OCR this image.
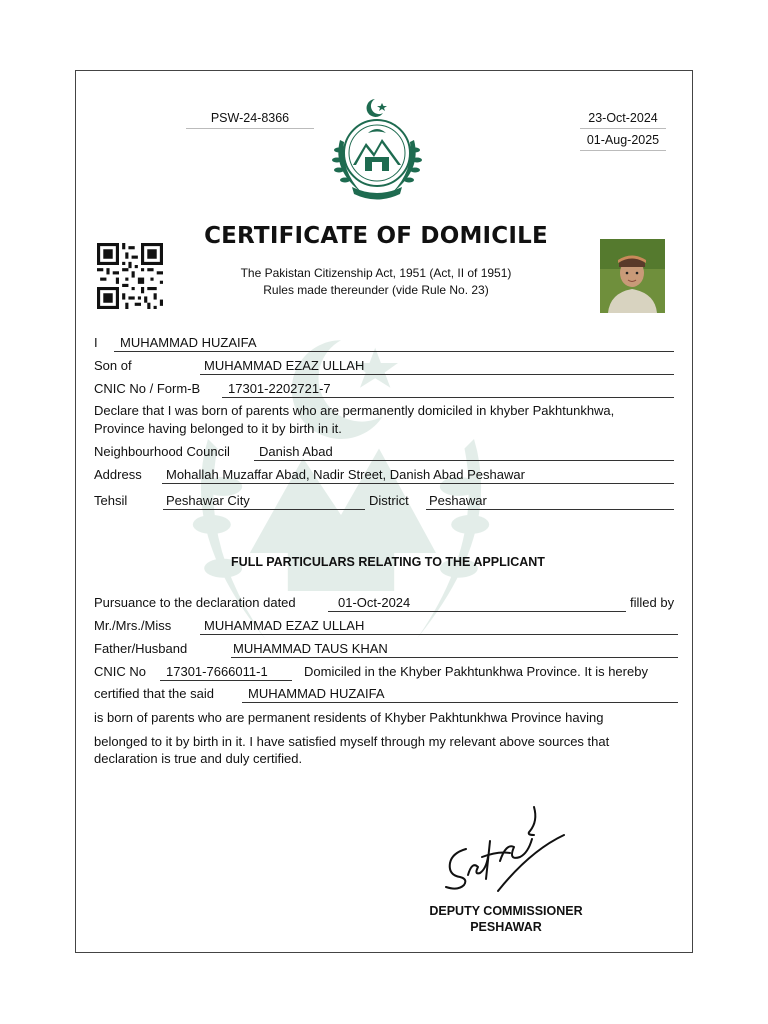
PSW-24-8366	23-Oct-2024
01-Aug-2025
CERTIFICATE OF DOMICILE
The Pakistan Citizenship Act, 1951 (Act, II of 1951)
Rules made thereunder (vide Rule No. 23)
I	MUHAMMAD HUZAIFA
Son of	MUHAMMAD EZAZ ULLAH
CNIC No / Form-B	17301-2202721-7
Declare that I was born of parents who are permanently domiciled in khyber Pakhtunkhwa,
Province having belonged to it by birth in it.
Neighbourhood Council	Danish Abad
Address	Mohallah Muzaffar Abad, Nadir Street, Danish Abad Peshawar
Tehsil	Peshawar City	District Peshawar
FULL PARTICULARS RELATING TO THE APPLICANT
Pursuance to the declaration dated	01-Oct-2024	filled by
Mr./Mrs./Miss	MUHAMMAD EZAZ ULLAH
Father/Husband	MUHAMMAD TAUS KHAN
CNIC No	17301-7666011-1	Domiciled in the Khyber Pakhtunkhwa Province. It is hereby
certified that the said	MUHAMMAD HUZAIFA
is born of parents who are permanent residents of Khyber Pakhtunkhwa Province having
belonged to it by birth in it. I have satisfied myself through my relevant above sources that
declaration is true and duly certified.
DEPUTY COMMISSIONER
PESHAWAR
